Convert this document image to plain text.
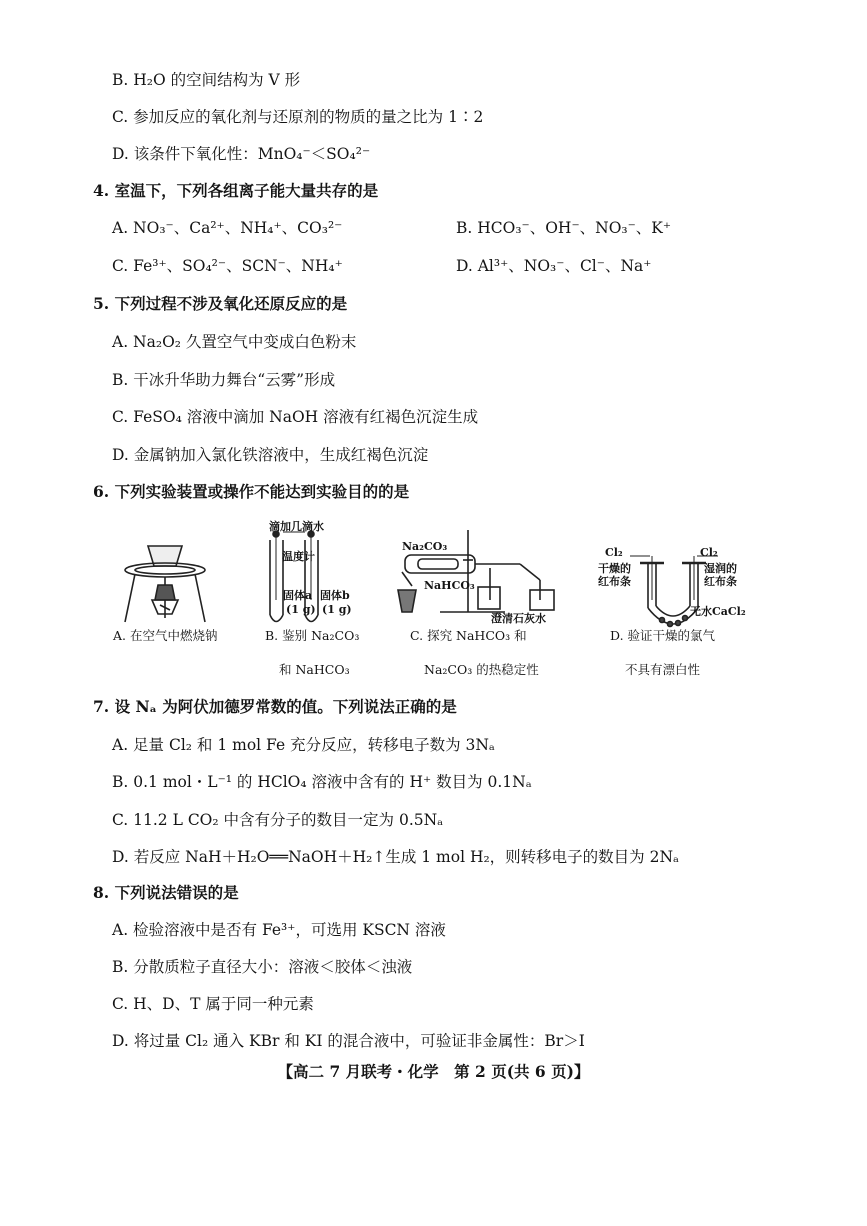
B. H₂O 的空间结构为 V 形
C. 参加反应的氧化剂与还原剂的物质的量之比为 1∶2
D. 该条件下氧化性：MnO₄⁻＜SO₄²⁻
4. 室温下，下列各组离子能大量共存的是
A. NO₃⁻、Ca²⁺、NH₄⁺、CO₃²⁻	B. HCO₃⁻、OH⁻、NO₃⁻、K⁺
C. Fe³⁺、SO₄²⁻、SCN⁻、NH₄⁺	D. Al³⁺、NO₃⁻、Cl⁻、Na⁺
5. 下列过程不涉及氧化还原反应的是
A. Na₂O₂ 久置空气中变成白色粉末
B. 干冰升华助力舞台“云雾”形成
C. FeSO₄ 溶液中滴加 NaOH 溶液有红褐色沉淀生成
D. 金属钠加入氯化铁溶液中，生成红褐色沉淀
6. 下列实验装置或操作不能达到实验目的的是
滴加几滴水
温度计
固体a
(1 g)
固体b
(1 g)
Na₂CO₃
NaHCO₃
澄清石灰水
Cl₂	Cl₂
干燥的
红布条
湿润的
红布条
无水CaCl₂
A. 在空气中燃烧钠	B. 鉴别 Na₂CO₃
和 NaHCO₃
C. 探究 NaHCO₃ 和
Na₂CO₃ 的热稳定性
D. 验证干燥的氯气
不具有漂白性
7. 设 Nₐ 为阿伏加德罗常数的值。下列说法正确的是
A. 足量 Cl₂ 和 1 mol Fe 充分反应，转移电子数为 3Nₐ
B. 0.1 mol・L⁻¹ 的 HClO₄ 溶液中含有的 H⁺ 数目为 0.1Nₐ
C. 11.2 L CO₂ 中含有分子的数目一定为 0.5Nₐ
D. 若反应 NaH＋H₂O══NaOH＋H₂↑生成 1 mol H₂，则转移电子的数目为 2Nₐ
8. 下列说法错误的是
A. 检验溶液中是否有 Fe³⁺，可选用 KSCN 溶液
B. 分散质粒子直径大小：溶液＜胶体＜浊液
C. H、D、T 属于同一种元素
D. 将过量 Cl₂ 通入 KBr 和 KI 的混合液中，可验证非金属性：Br＞I
【高二 7 月联考・化学　第 2 页(共 6 页)】
